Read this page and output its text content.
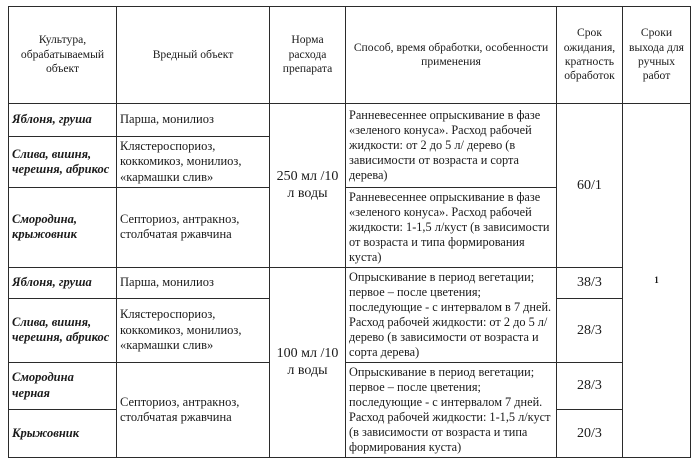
Культура, обрабатываемый объект	Вредный объект	Норма расхода препарата	Способ, время обработки, особенности применения	Срок ожидания, кратность обработок	Сроки выхода для ручных работ
Яблоня, груша	Парша, монилиоз	250 мл /10 л воды	Ранневесеннее опрыскивание в фазе «зеленого конуса». Расход рабочей жидкости: от 2 до 5 л/ дерево (в зависимости от возраста и сорта дерева)	60/1	1
Слива, вишня, черешня, абрикос	Клястероспориоз, коккомикоз, монилиоз, «кармашки слив»				
Смородина, крыжовник	Септориоз, антракноз, столбчатая ржавчина		Ранневесеннее опрыскивание в фазе «зеленого конуса». Расход рабочей жидкости: 1-1,5 л/куст (в зависимости от возраста и типа формирования куста)		
Яблоня, груша	Парша, монилиоз	100 мл /10 л воды	Опрыскивание в период вегетации; первое – после цветения; последующие - с интервалом в 7 дней. Расход рабочей жидкости: от 2 до 5 л/дерево (в зависимости от возраста и сорта дерева)	38/3	
Слива, вишня, черешня, абрикос	Клястероспориоз, коккомикоз, монилиоз, «кармашки слив»			28/3	
Смородина черная	Септориоз, антракноз, столбчатая ржавчина		Опрыскивание в период вегетации; первое – после цветения; последующие - с интервалом 7 дней. Расход рабочей жидкости: 1-1,5 л/куст (в зависимости от возраста и типа формирования куста)	28/3	
Крыжовник				20/3	
